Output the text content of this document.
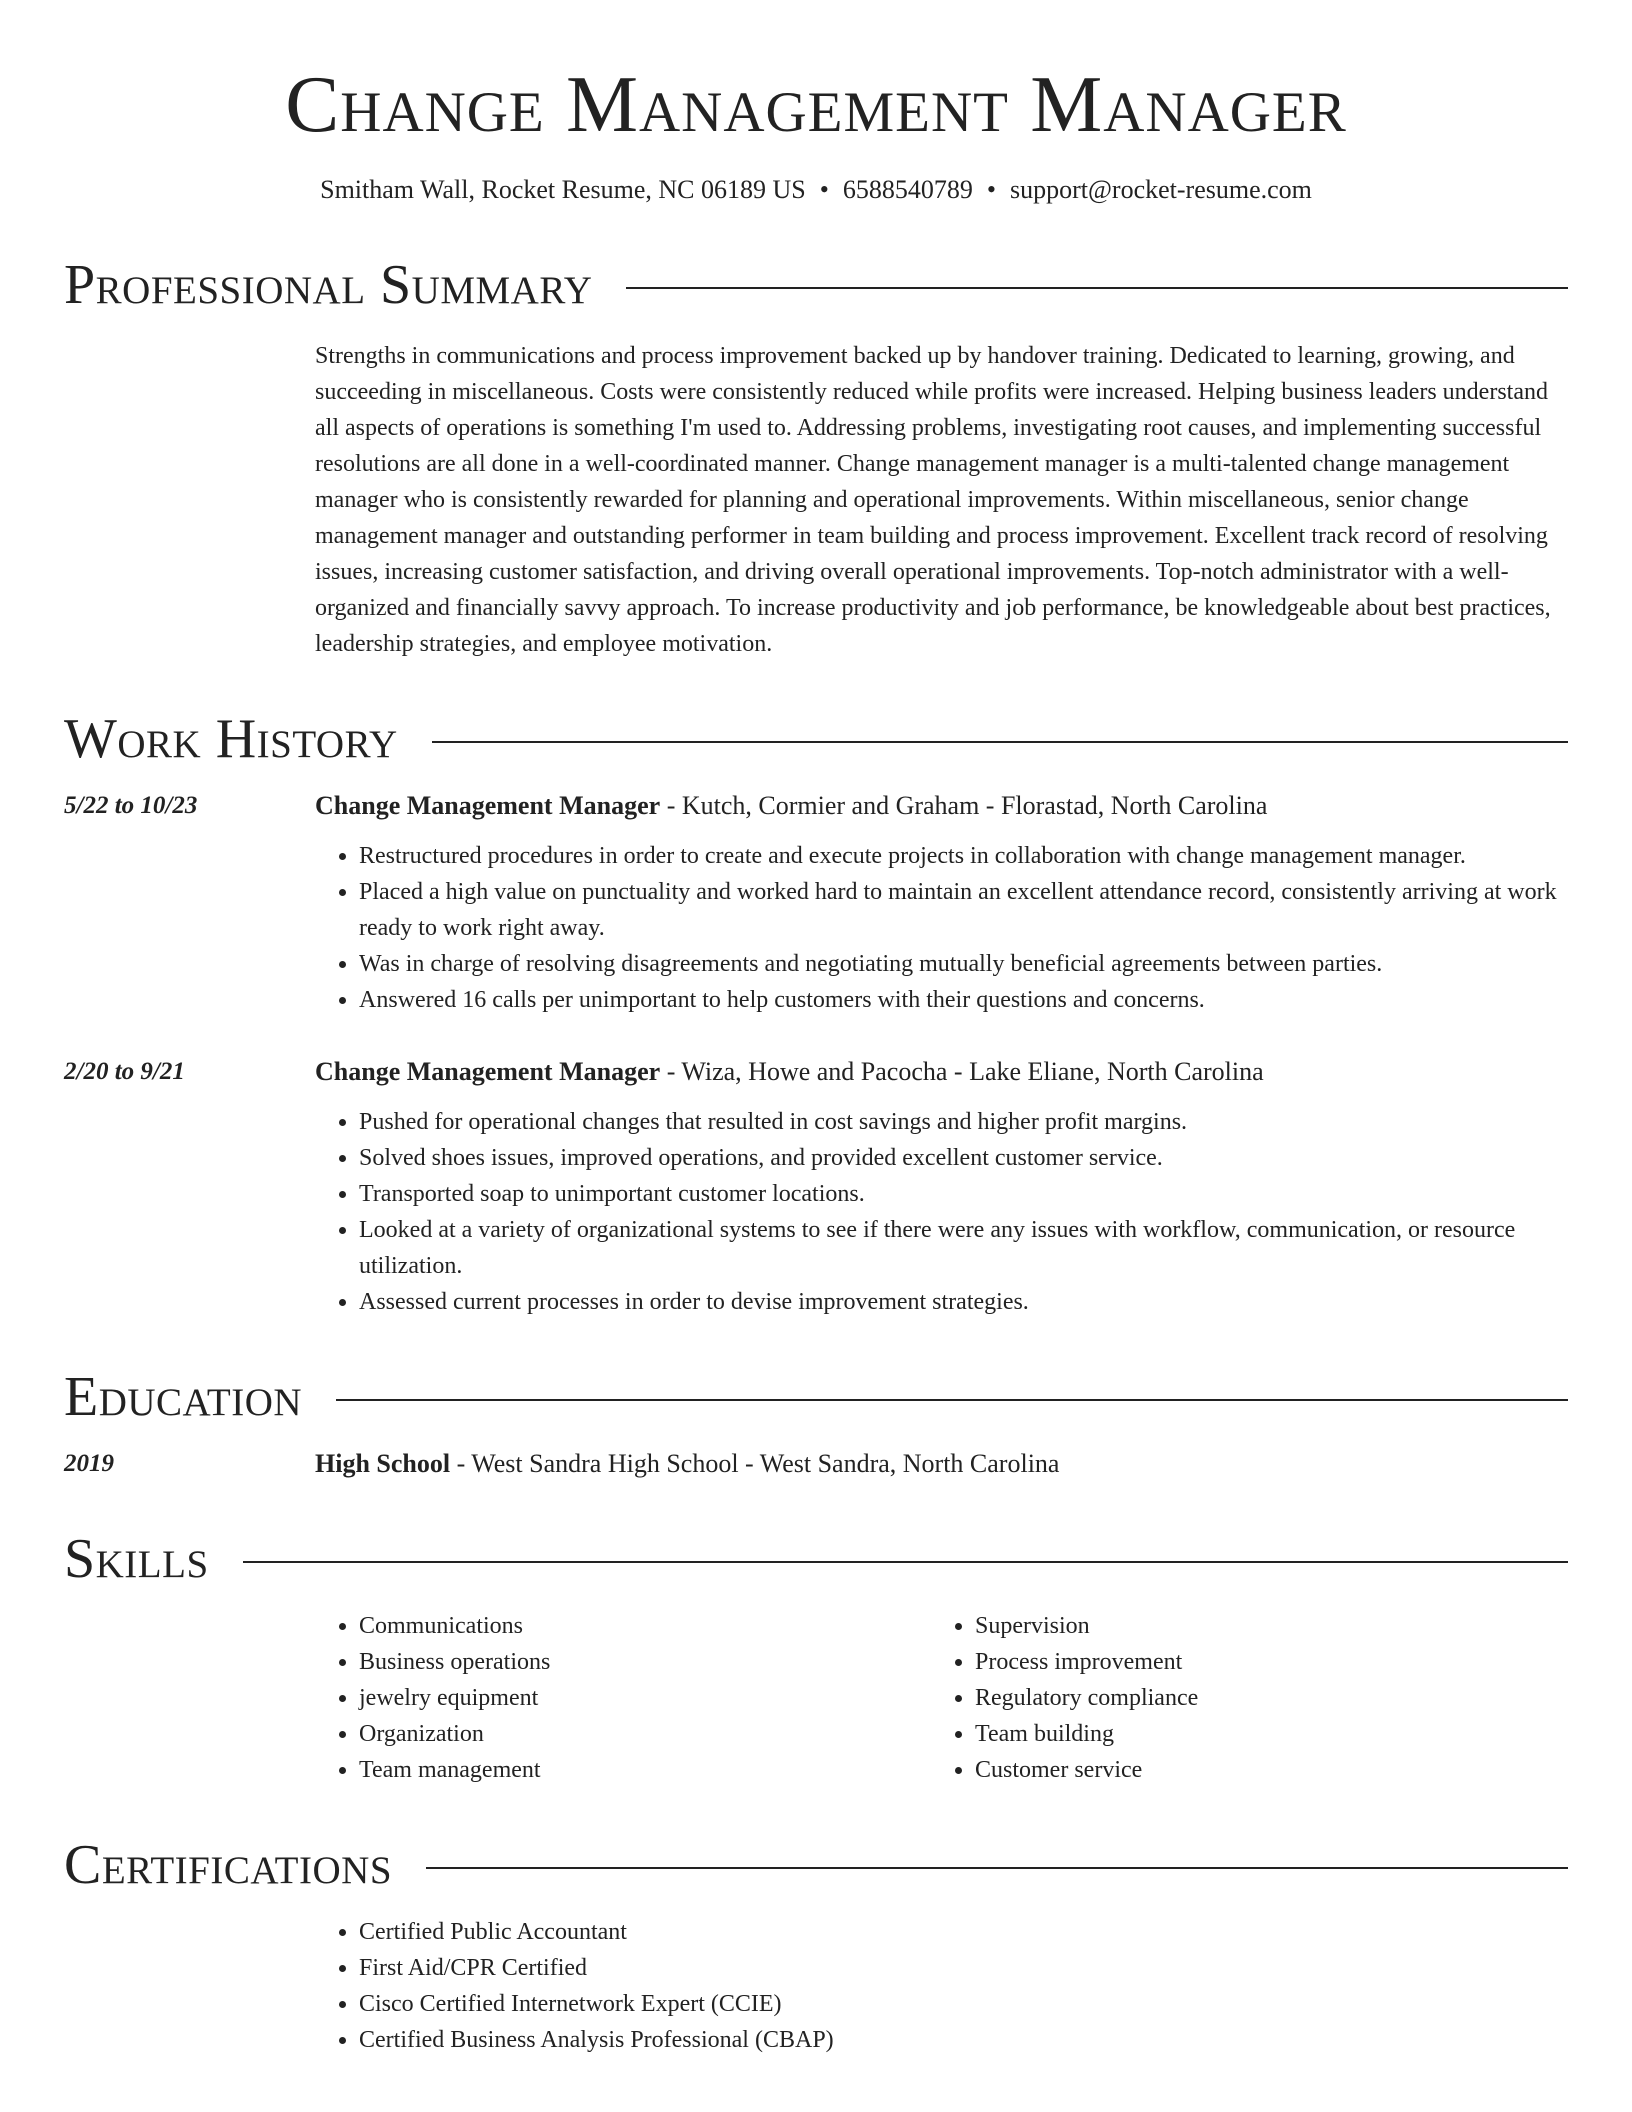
Change Management Manager
Smitham Wall, Rocket Resume, NC 06189 US • 6588540789 • support@rocket-resume.com
Professional Summary
Strengths in communications and process improvement backed up by handover training. Dedicated to learning, growing, and succeeding in miscellaneous. Costs were consistently reduced while profits were increased. Helping business leaders understand all aspects of operations is something I'm used to. Addressing problems, investigating root causes, and implementing successful resolutions are all done in a well-coordinated manner. Change management manager is a multi-talented change management manager who is consistently rewarded for planning and operational improvements. Within miscellaneous, senior change management manager and outstanding performer in team building and process improvement. Excellent track record of resolving issues, increasing customer satisfaction, and driving overall operational improvements. Top-notch administrator with a well-organized and financially savvy approach. To increase productivity and job performance, be knowledgeable about best practices, leadership strategies, and employee motivation.
Work History
5/22 to 10/23	Change Management Manager - Kutch, Cormier and Graham - Florastad, North Carolina
• Restructured procedures in order to create and execute projects in collaboration with change management manager.
• Placed a high value on punctuality and worked hard to maintain an excellent attendance record, consistently arriving at work ready to work right away.
• Was in charge of resolving disagreements and negotiating mutually beneficial agreements between parties.
• Answered 16 calls per unimportant to help customers with their questions and concerns.
2/20 to 9/21	Change Management Manager - Wiza, Howe and Pacocha - Lake Eliane, North Carolina
• Pushed for operational changes that resulted in cost savings and higher profit margins.
• Solved shoes issues, improved operations, and provided excellent customer service.
• Transported soap to unimportant customer locations.
• Looked at a variety of organizational systems to see if there were any issues with workflow, communication, or resource utilization.
• Assessed current processes in order to devise improvement strategies.
Education
2019	High School - West Sandra High School - West Sandra, North Carolina
Skills
• Communications
• Business operations
• jewelry equipment
• Organization
• Team management
• Supervision
• Process improvement
• Regulatory compliance
• Team building
• Customer service
Certifications
• Certified Public Accountant
• First Aid/CPR Certified
• Cisco Certified Internetwork Expert (CCIE)
• Certified Business Analysis Professional (CBAP)
